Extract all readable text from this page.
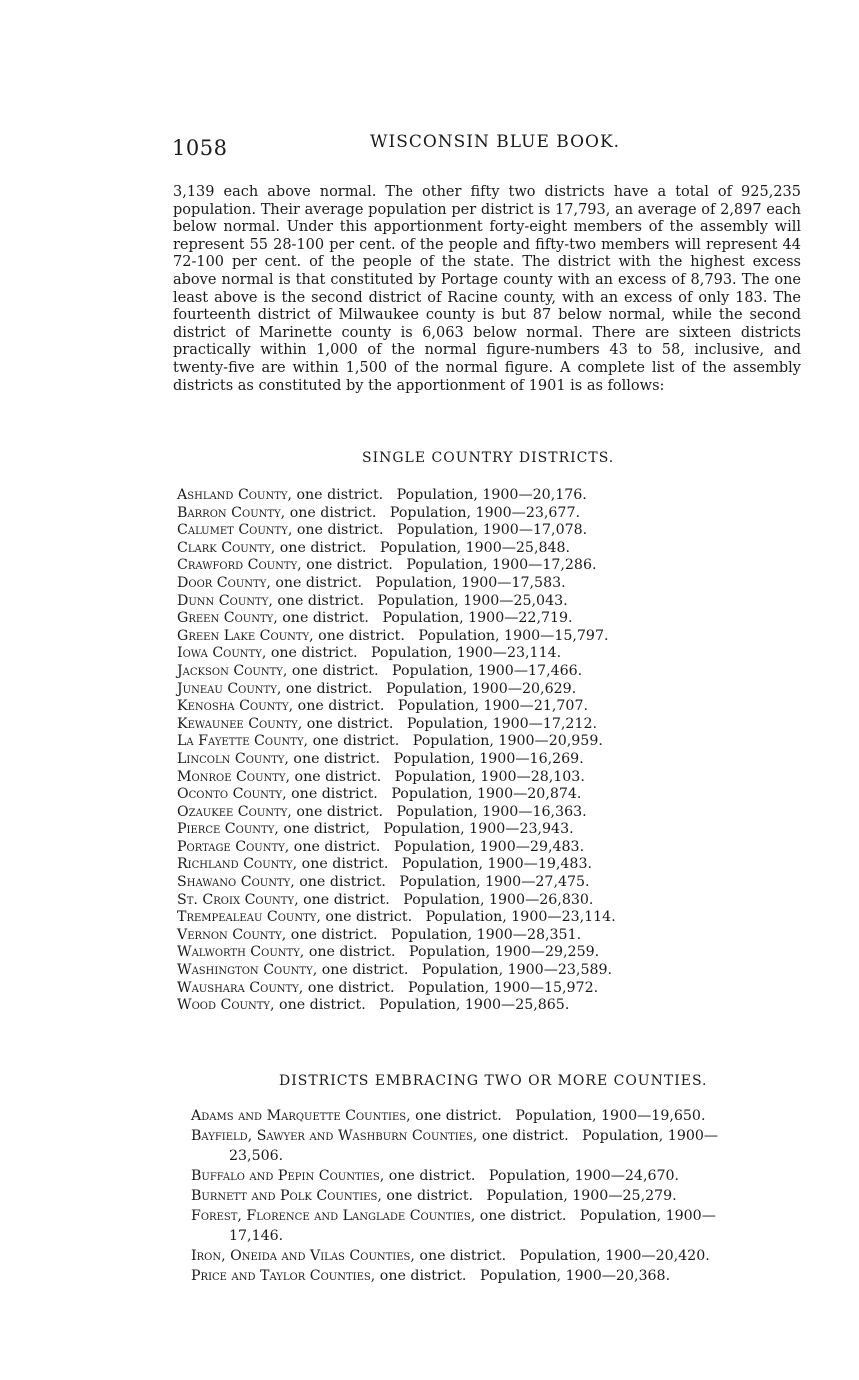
1058	WISCONSIN BLUE BOOK.

3,139 each above normal. The other fifty two districts have a total of 925,235 population. Their average population per district is 17,793, an average of 2,897 each below normal. Under this apportionment forty-eight members of the assembly will represent 55 28-100 per cent. of the people and fifty-two members will represent 44 72-100 per cent. of the people of the state. The district with the highest excess above normal is that constituted by Portage county with an excess of 8,793. The one least above is the second district of Racine county, with an excess of only 183. The fourteenth district of Milwaukee county is but 87 below normal, while the second district of Marinette county is 6,063 below normal. There are sixteen districts practically within 1,000 of the normal figure-numbers 43 to 58, inclusive, and twenty-five are within 1,500 of the normal figure. A complete list of the assembly districts as constituted by the apportionment of 1901 is as follows:

SINGLE COUNTRY DISTRICTS.
Ashland County, one district.   Population, 1900—20,176.
Barron County, one district.   Population, 1900—23,677.
Calumet County, one district.   Population, 1900—17,078.
Clark County, one district.   Population, 1900—25,848.
Crawford County, one district.   Population, 1900—17,286.
Door County, one district.   Population, 1900—17,583.
Dunn County, one district.   Population, 1900—25,043.
Green County, one district.   Population, 1900—22,719.
Green Lake County, one district.   Population, 1900—15,797.
Iowa County, one district.   Population, 1900—23,114.
Jackson County, one district.   Population, 1900—17,466.
Juneau County, one district.   Population, 1900—20,629.
Kenosha County, one district.   Population, 1900—21,707.
Kewaunee County, one district.   Population, 1900—17,212.
La Fayette County, one district.   Population, 1900—20,959.
Lincoln County, one district.   Population, 1900—16,269.
Monroe County, one district.   Population, 1900—28,103.
Oconto County, one district.   Population, 1900—20,874.
Ozaukee County, one district.   Population, 1900—16,363.
Pierce County, one district,   Population, 1900—23,943.
Portage County, one district.   Population, 1900—29,483.
Richland County, one district.   Population, 1900—19,483.
Shawano County, one district.   Population, 1900—27,475.
St. Croix County, one district.   Population, 1900—26,830.
Trempealeau County, one district.   Population, 1900—23,114.
Vernon County, one district.   Population, 1900—28,351.
Walworth County, one district.   Population, 1900—29,259.
Washington County, one district.   Population, 1900—23,589.
Waushara County, one district.   Population, 1900—15,972.
Wood County, one district.   Population, 1900—25,865.
DISTRICTS EMBRACING TWO OR MORE COUNTIES.
Adams and Marquette Counties, one district.   Population, 1900—19,650.
Bayfield, Sawyer and Washburn Counties, one district.   Population, 1900—
23,506.
Buffalo and Pepin Counties, one district.   Population, 1900—24,670.
Burnett and Polk Counties, one district.   Population, 1900—25,279.
Forest, Florence and Langlade Counties, one district.   Population, 1900—
17,146.
Iron, Oneida and Vilas Counties, one district.   Population, 1900—20,420.
Price and Taylor Counties, one district.   Population, 1900—20,368.
